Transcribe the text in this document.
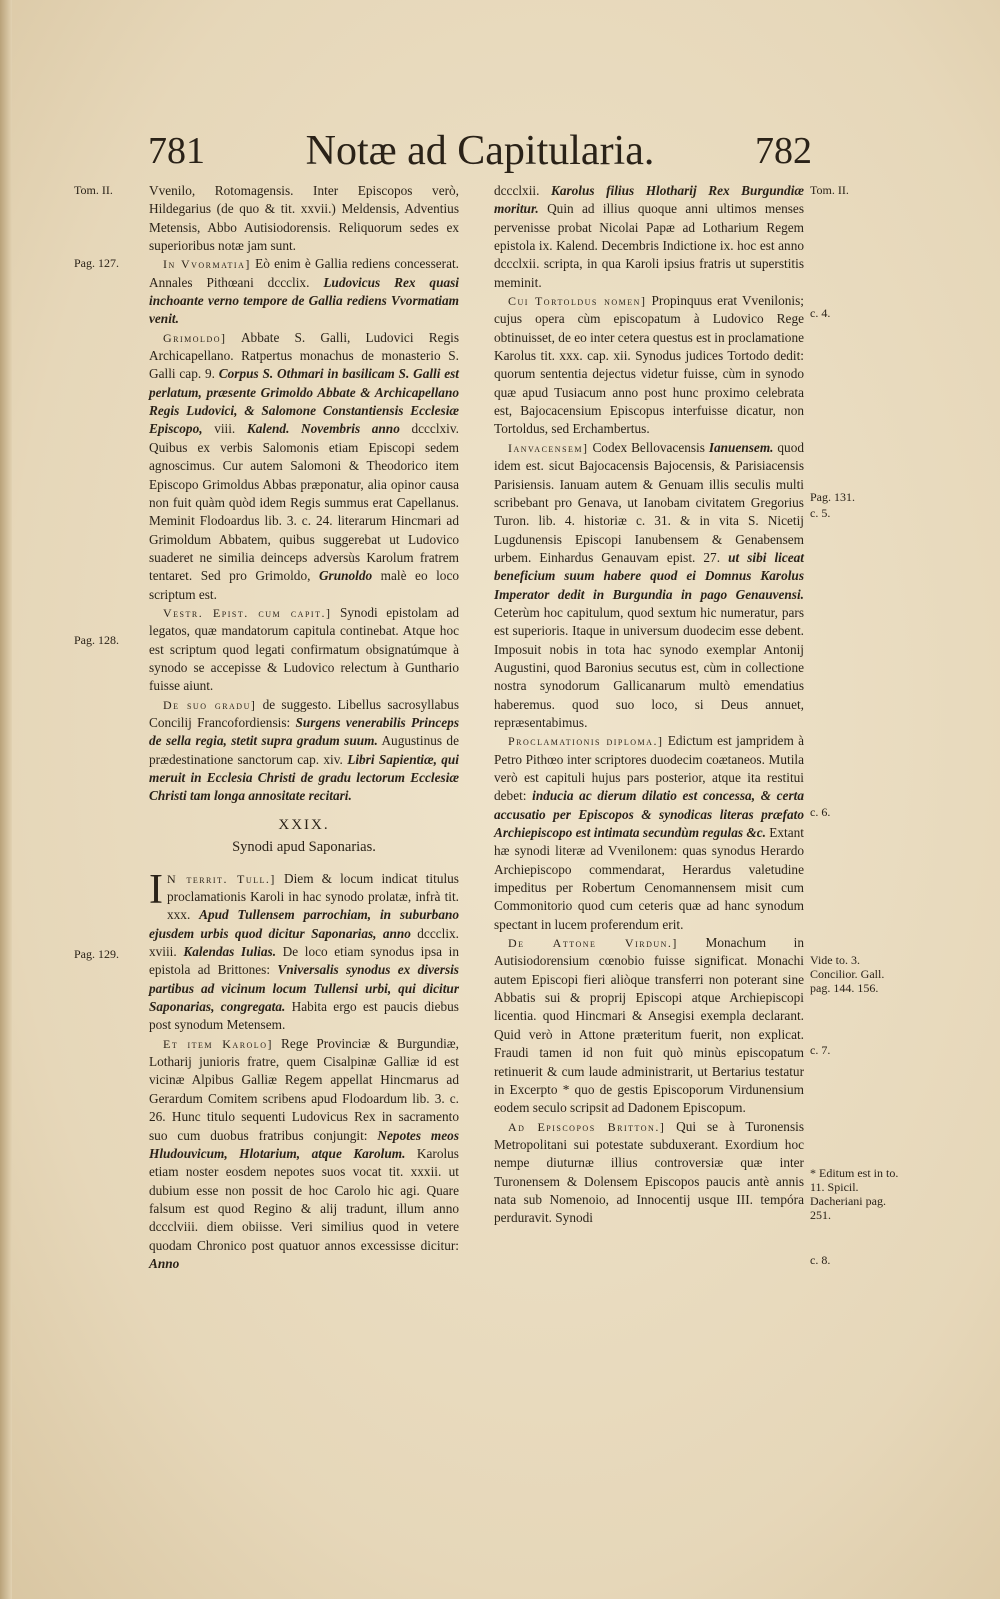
781	Notæ ad Capitularia.	782
Tom. II.
Pag. 127.
Pag. 128.
Pag. 129.
Tom. II.
c. 4.
Pag. 131.
c. 5.
c. 6.
Vide to. 3. Concilior. Gall. pag. 144. 156.
c. 7.
* Editum est in to. 11. Spicil. Dacheriani pag. 251.
c. 8.

Vvenilo, Rotomagensis. Inter Episcopos verò, Hildegarius (de quo & tit. xxvii.) Meldensis, Adventius Metensis, Abbo Autisiodorensis. Reliquorum sedes ex superioribus notæ jam sunt.

In Vvormatia] Eò enim è Gallia rediens concesserat. Annales Pithœani dccclix. Ludovicus Rex quasi inchoante verno tempore de Gallia rediens Vvormatiam venit.

Grimoldo] Abbate S. Galli, Ludovici Regis Archicapellano. Ratpertus monachus de monasterio S. Galli cap. 9. Corpus S. Othmari in basilicam S. Galli est perlatum, præsente Grimoldo Abbate & Archicapellano Regis Ludovici, & Salomone Constantiensis Ecclesiæ Episcopo, viii. Kalend. Novembris anno dccclxiv. Quibus ex verbis Salomonis etiam Episcopi sedem agnoscimus. Cur autem Salomoni & Theodorico item Episcopo Grimoldus Abbas præponatur, alia opinor causa non fuit quàm quòd idem Regis summus erat Capellanus. Meminit Flodoardus lib. 3. c. 24. literarum Hincmari ad Grimoldum Abbatem, quibus suggerebat ut Ludovico suaderet ne similia deinceps adversùs Karolum fratrem tentaret. Sed pro Grimoldo, Grunoldo malè eo loco scriptum est.

Vestr. Epist. cum capit.] Synodi epistolam ad legatos, quæ mandatorum capitula continebat. Atque hoc est scriptum quod legati confirmatum obsignatúmque à synodo se accepisse & Ludovico relectum à Gunthario fuisse aiunt.

De suo gradu] de suggesto. Libellus sacrosyllabus Concilij Francofordiensis: Surgens venerabilis Princeps de sella regia, stetit supra gradum suum. Augustinus de prædestinatione sanctorum cap. xiv. Libri Sapientiæ, qui meruit in Ecclesia Christi de gradu lectorum Ecclesiæ Christi tam longa annositate recitari.

XXIX.
Synodi apud Saponarias.

I N territ. Tull.] Diem & locum indicat titulus proclamationis Karoli in hac synodo prolatæ, infrà tit. xxx. Apud Tullensem parrochiam, in suburbano ejusdem urbis quod dicitur Saponarias, anno dccclix. xviii. Kalendas Iulias. De loco etiam synodus ipsa in epistola ad Brittones: Vniversalis synodus ex diversis partibus ad vicinum locum Tullensi urbi, qui dicitur Saponarias, congregata. Habita ergo est paucis diebus post synodum Metensem.

Et item Karolo] Rege Provinciæ & Burgundiæ, Lotharij junioris fratre, quem Cisalpinæ Galliæ id est vicinæ Alpibus Galliæ Regem appellat Hincmarus ad Gerardum Comitem scribens apud Flodoardum lib. 3. c. 26. Hunc titulo sequenti Ludovicus Rex in sacramento suo cum duobus fratribus conjungit: Nepotes meos Hludouvicum, Hlotarium, atque Karolum. Karolus etiam noster eosdem nepotes suos vocat tit. xxxii. ut dubium esse non possit de hoc Carolo hic agi. Quare falsum est quod Regino & alij tradunt, illum anno dccclviii. diem obiisse. Veri similius quod in vetere quodam Chronico post quatuor annos excessisse dicitur: Anno

dccclxii. Karolus filius Hlotharij Rex Burgundiæ moritur. Quin ad illius quoque anni ultimos menses pervenisse probat Nicolai Papæ ad Lotharium Regem epistola ix. Kalend. Decembris Indictione ix. hoc est anno dccclxii. scripta, in qua Karoli ipsius fratris ut superstitis meminit.

Cui Tortoldus nomen] Propinquus erat Vvenilonis; cujus opera cùm episcopatum à Ludovico Rege obtinuisset, de eo inter cetera questus est in proclamatione Karolus tit. xxx. cap. xii. Synodus judices Tortodo dedit: quorum sententia dejectus videtur fuisse, cùm in synodo quæ apud Tusiacum anno post hunc proximo celebrata est, Bajocacensium Episcopus interfuisse dicatur, non Tortoldus, sed Erchambertus.

Ianvacensem] Codex Bellovacensis Ianuensem. quod idem est. sicut Bajocacensis Bajocensis, & Parisiacensis Parisiensis. Ianuam autem & Genuam illis seculis multi scribebant pro Genava, ut Ianobam civitatem Gregorius Turon. lib. 4. historiæ c. 31. & in vita S. Nicetij Lugdunensis Episcopi Ianubensem & Genabensem urbem. Einhardus Genauvam epist. 27. ut sibi liceat beneficium suum habere quod ei Domnus Karolus Imperator dedit in Burgundia in pago Genauvensi. Ceterùm hoc capitulum, quod sextum hic numeratur, pars est superioris. Itaque in universum duodecim esse debent. Imposuit nobis in tota hac synodo exemplar Antonij Augustini, quod Baronius secutus est, cùm in collectione nostra synodorum Gallicanarum multò emendatius haberemus. quod suo loco, si Deus annuet, repræsentabimus.

Proclamationis diploma.] Edictum est jampridem à Petro Pithœo inter scriptores duodecim coætaneos. Mutila verò est capituli hujus pars posterior, atque ita restitui debet: inducia ac dierum dilatio est concessa, & certa accusatio per Episcopos & synodicas literas præfato Archiepiscopo est intimata secundùm regulas &c. Extant hæ synodi literæ ad Vvenilonem: quas synodus Herardo Archiepiscopo commendarat, Herardus valetudine impeditus per Robertum Cenomannensem misit cum Commonitorio quod cum ceteris quæ ad hanc synodum spectant in lucem proferendum erit.

De Attone Virdun.] Monachum in Autisiodorensium cœnobio fuisse significat. Monachi autem Episcopi fieri aliòque transferri non poterant sine Abbatis sui & proprij Episcopi atque Archiepiscopi licentia. quod Hincmari & Ansegisi exempla declarant. Quid verò in Attone præteritum fuerit, non explicat. Fraudi tamen id non fuit quò minùs episcopatum retinuerit & cum laude administrarit, ut Bertarius testatur in Excerpto * quo de gestis Episcoporum Virdunensium eodem seculo scripsit ad Dadonem Episcopum.

Ad Episcopos Britton.] Qui se à Turonensis Metropolitani sui potestate subduxerant. Exordium hoc nempe diuturnæ illius controversiæ quæ inter Turonensem & Dolensem Episcopos paucis antè annis nata sub Nomenoio, ad Innocentij usque III. tempóra perduravit. Synodi
